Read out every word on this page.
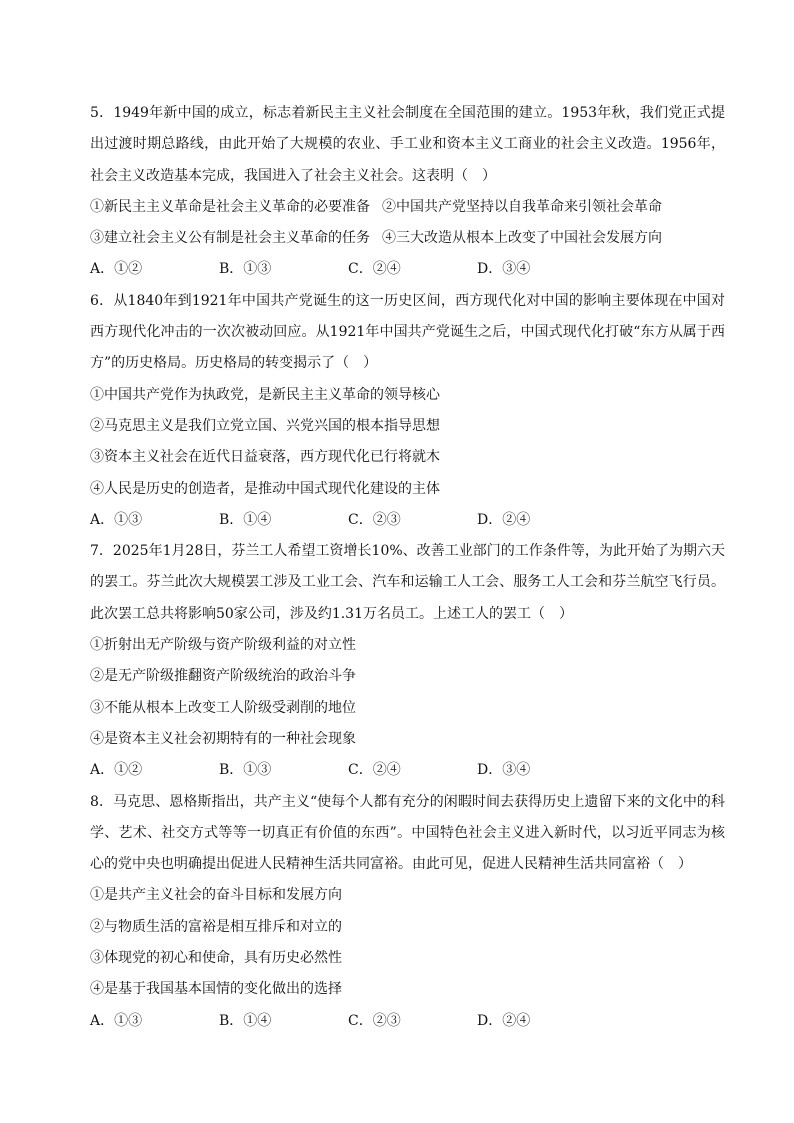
5．1949年新中国的成立，标志着新民主主义社会制度在全国范围的建立。1953年秋，我们党正式提出过渡时期总路线，由此开始了大规模的农业、手工业和资本主义工商业的社会主义改造。1956年，社会主义改造基本完成，我国进入了社会主义社会。这表明（　）
①新民主主义革命是社会主义革命的必要准备 ②中国共产党坚持以自我革命来引领社会革命
③建立社会主义公有制是社会主义革命的任务 ④三大改造从根本上改变了中国社会发展方向
A．①②	B．①③	C．②④	D．③④
6．从1840年到1921年中国共产党诞生的这一历史区间，西方现代化对中国的影响主要体现在中国对西方现代化冲击的一次次被动回应。从1921年中国共产党诞生之后，中国式现代化打破“东方从属于西方”的历史格局。历史格局的转变揭示了（　）
①中国共产党作为执政党，是新民主主义革命的领导核心
②马克思主义是我们立党立国、兴党兴国的根本指导思想
③资本主义社会在近代日益衰落，西方现代化已行将就木
④人民是历史的创造者，是推动中国式现代化建设的主体
A．①③	B．①④	C．②③	D．②④
7．2025年1月28日，芬兰工人希望工资增长10%、改善工业部门的工作条件等，为此开始了为期六天的罢工。芬兰此次大规模罢工涉及工业工会、汽车和运输工人工会、服务工人工会和芬兰航空飞行员。此次罢工总共将影响50家公司，涉及约1.31万名员工。上述工人的罢工（　）
①折射出无产阶级与资产阶级利益的对立性
②是无产阶级推翻资产阶级统治的政治斗争
③不能从根本上改变工人阶级受剥削的地位
④是资本主义社会初期特有的一种社会现象
A．①②	B．①③	C．②④	D．③④
8．马克思、恩格斯指出，共产主义“使每个人都有充分的闲暇时间去获得历史上遗留下来的文化中的科学、艺术、社交方式等等一切真正有价值的东西”。中国特色社会主义进入新时代，以习近平同志为核心的党中央也明确提出促进人民精神生活共同富裕。由此可见，促进人民精神生活共同富裕（　）
①是共产主义社会的奋斗目标和发展方向
②与物质生活的富裕是相互排斥和对立的
③体现党的初心和使命，具有历史必然性
④是基于我国基本国情的变化做出的选择
A．①③	B．①④	C．②③	D．②④
